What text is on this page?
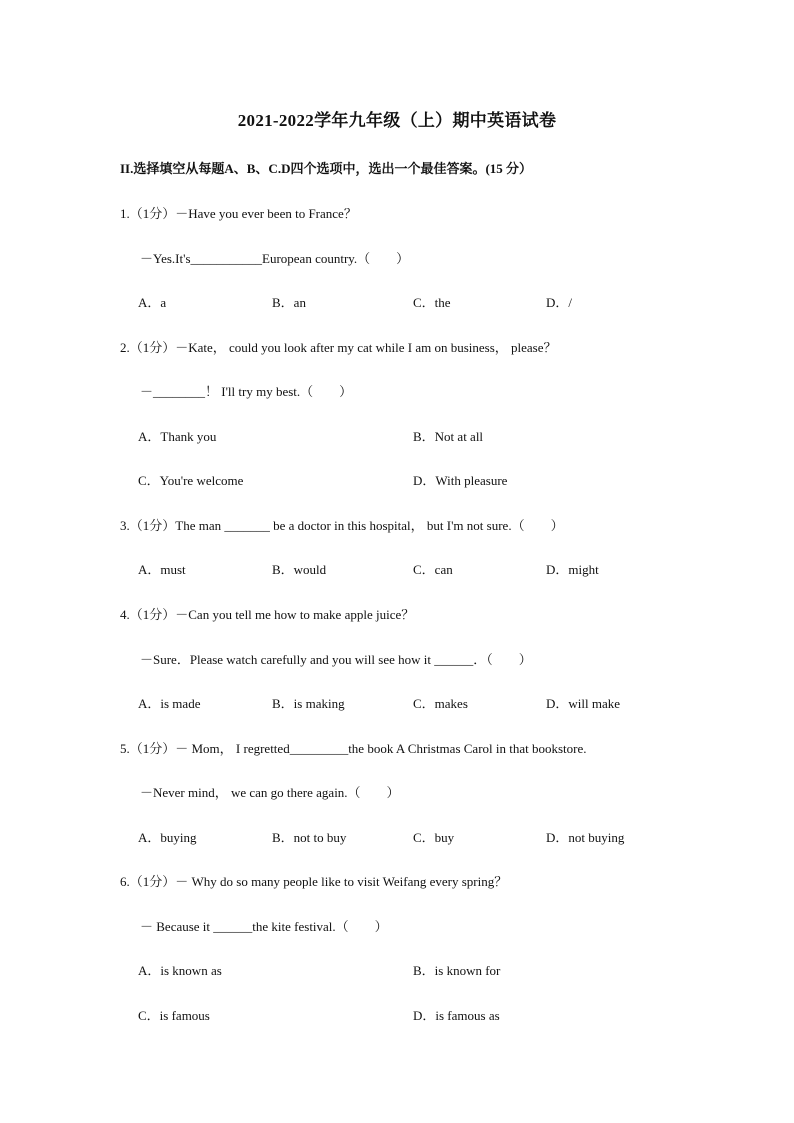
2021-2022学年九年级（上）期中英语试卷
II.选择填空从每题A、B、C.D四个选项中，选出一个最佳答案。(15 分）
1.（1分）－Have you ever been to France？
－Yes.It's___________European country.（　　）
A．a	B．an	C．the	D．/
2.（1分）－Kate， could you look after my cat while I am on business， please？
－________！ I'll try my best.（　　）
A．Thank you	B．Not at all
C．You're welcome	D．With pleasure
3.（1分）The man _______ be a doctor in this hospital， but I'm not sure.（　　）
A．must	B．would	C．can	D．might
4.（1分）－Can you tell me how to make apple juice？
－Sure．Please watch carefully and you will see how it ______．（　　）
A．is made	B．is making	C．makes	D．will make
5.（1分）－ Mom， I regretted_________the book A Christmas Carol in that bookstore.
－Never mind， we can go there again.（　　）
A．buying	B．not to buy	C．buy	D．not buying
6.（1分）－ Why do so many people like to visit Weifang every spring？
－ Because it ______the kite festival.（　　）
A．is known as	B．is known for
C．is famous	D．is famous as
